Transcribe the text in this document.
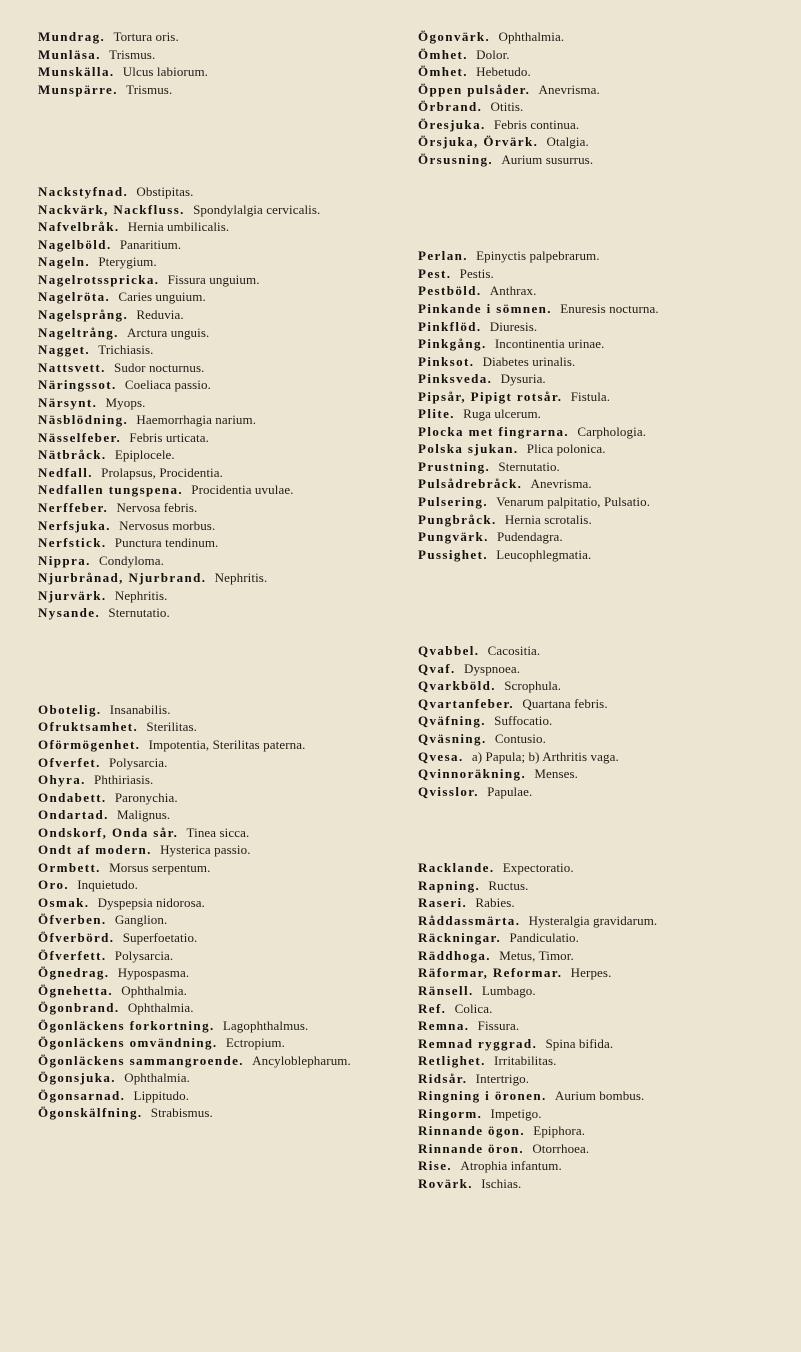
Mundrag. Tortura oris.
Munläsa. Trismus.
Munskälla. Ulcus labiorum.
Munspärre. Trismus.
Nackstyfnad. Obstipitas.
Nackvärk, Nackfluss. Spondylalgia cervicalis.
Nafvelbråk. Hernia umbilicalis.
Nagelböld. Panaritium.
Nageln. Pterygium.
Nagelrotsspricka. Fissura unguium.
Nagelröta. Caries unguium.
Nagelsprång. Reduvia.
Nageltrång. Arctura unguis.
Nagget. Trichiasis.
Nattsvett. Sudor nocturnus.
Näringssot. Coeliaca passio.
Närsynt. Myops.
Näsblödning. Haemorrhagia narium.
Nässelfeber. Febris urticata.
Nätbråck. Epiplocele.
Nedfall. Prolapsus, Procidentia.
Nedfallen tungspena. Procidentia uvulae.
Nerffeber. Nervosa febris.
Nerfsjuka. Nervosus morbus.
Nerfstick. Punctura tendinum.
Nippra. Condyloma.
Njurbrånad, Njurbrand. Nephritis.
Njurvärk. Nephritis.
Nysande. Sternutatio.
Obotelig. Insanabilis.
Ofruktsamhet. Sterilitas.
Oförmögenhet. Impotentia, Sterilitas paterna.
Ofverfet. Polysarcia.
Ohyra. Phthiriasis.
Ondabett. Paronychia.
Ondartad. Malignus.
Ondskorf, Onda sår. Tinea sicca.
Ondt af modern. Hysterica passio.
Ormbett. Morsus serpentum.
Oro. Inquietudo.
Osmak. Dyspepsia nidorosa.
Öfverben. Ganglion.
Öfverbörd. Superfoetatio.
Öfverfett. Polysarcia.
Ögnedrag. Hypospasma.
Ögnehetta. Ophthalmia.
Ögonbrand. Ophthalmia.
Ögonläckens forkortning. Lagophthalmus.
Ögonläckens omvändning. Ectropium.
Ögonläckens sammangroende. Ancyloblepharum.
Ögonsjuka. Ophthalmia.
Ögonsarnad. Lippitudo.
Ögonskälfning. Strabismus.
Ögonvärk. Ophthalmia.
Ömhet. Dolor.
Ömhet. Hebetudo.
Öppen pulsåder. Anevrisma.
Örbrand. Otitis.
Öresjuka. Febris continua.
Örsjuka, Örvärk. Otalgia.
Örsusning. Aurium susurrus.
Perlan. Epinyctis palpebrarum.
Pest. Pestis.
Pestböld. Anthrax.
Pinkande i sömnen. Enuresis nocturna.
Pinkflöd. Diuresis.
Pinkgång. Incontinentia urinae.
Pinksot. Diabetes urinalis.
Pinksveda. Dysuria.
Pipsår, Pipigt rotsår. Fistula.
Plite. Ruga ulcerum.
Plocka met fingrarna. Carphologia.
Polska sjukan. Plica polonica.
Prustning. Sternutatio.
Pulsådrebråck. Anevrisma.
Pulsering. Venarum palpitatio, Pulsatio.
Pungbråck. Hernia scrotalis.
Pungvärk. Pudendagra.
Pussighet. Leucophlegmatia.
Qvabbel. Cacositia.
Qvaf. Dyspnoea.
Qvarkböld. Scrophula.
Qvartanfeber. Quartana febris.
Qväfning. Suffocatio.
Qväsning. Contusio.
Qvesa. a) Papula; b) Arthritis vaga.
Qvinnoräkning. Menses.
Qvisslor. Papulae.
Racklande. Expectoratio.
Rapning. Ructus.
Raseri. Rabies.
Råddassmärta. Hysteralgia gravidarum.
Räckningar. Pandiculatio.
Räddhoga. Metus, Timor.
Räformar, Reformar. Herpes.
Ränsell. Lumbago.
Ref. Colica.
Remna. Fissura.
Remnad ryggrad. Spina bifida.
Retlighet. Irritabilitas.
Ridsår. Intertrigo.
Ringning i öronen. Aurium bombus.
Ringorm. Impetigo.
Rinnande ögon. Epiphora.
Rinnande öron. Otorrhoea.
Rise. Atrophia infantum.
Rovärk. Ischias.
